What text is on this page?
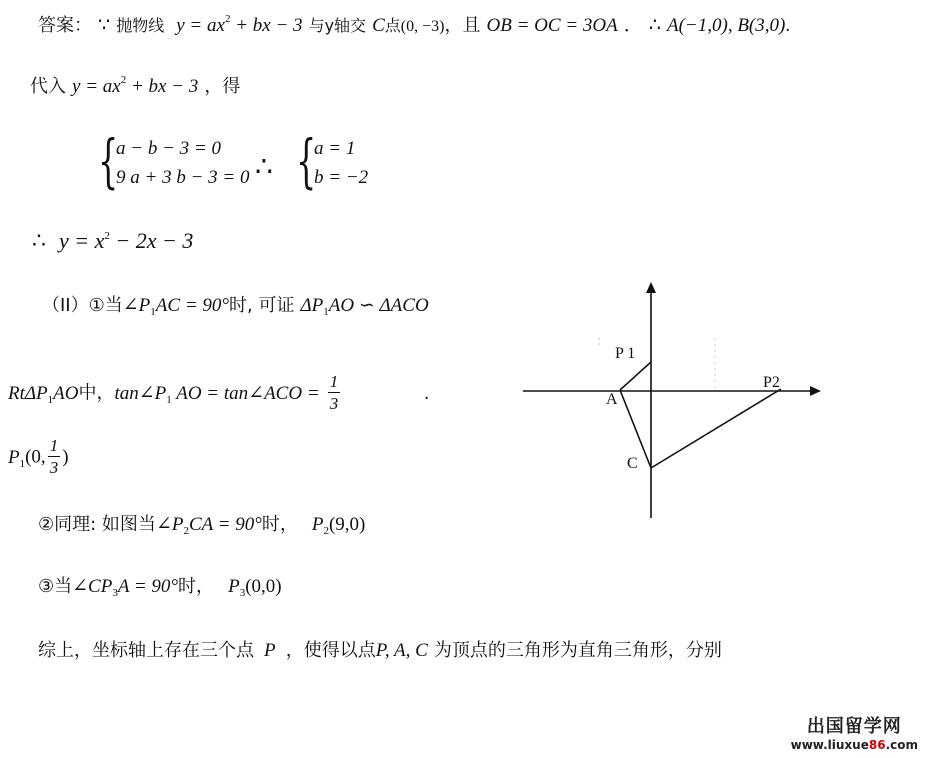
答案： ∵ 抛物线 $y = ax^2$ + bx − 3 与y轴交 C点(0, −3)，且 OB = OC = 3OA ． ∴ A(−1,0), B(3,0).
代入 $y = ax^2$ + bx − 3 ，得
{
a − b − 3 = 0
9 a + 3 b − 3 = 0 ∴ {
a = 1
b = −2
∴ $y = x^2 - 2x - 3$
（II）①当$\angle P_1AC = 90^\circ$时, 可证 $\Delta P_1AO$ ∽ ΔACO
RtΔP$_1$AO中，$\tan\angle P_1$ AO = tan∠ACO = $\frac{1}{3}$	.
$P_1(0$, $\frac{1}{3}$ )
②同理: 如图当$\angle P_2CA = 90^\circ$时， $P_2(9,0)$
③当$\angle CP_3A = 90^\circ$时， $P_3(0,0)$
综上，坐标轴上存在三个点 P ，使得以点P, A, C 为顶点的三角形为直角三角形，分别
P 1
A
P2
C
出国留学网
www.liuxue86.com
